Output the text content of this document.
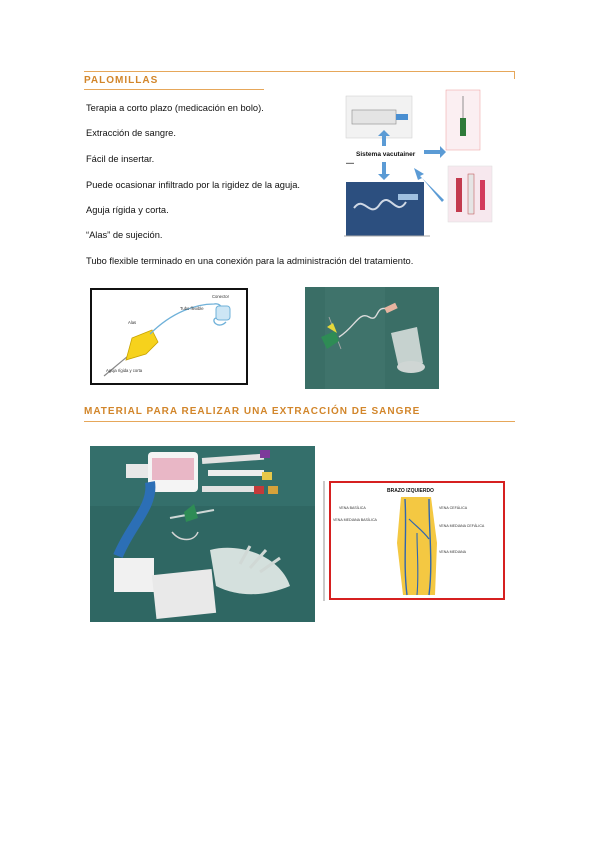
PALOMILLAS
Terapia a corto plazo (medicación en bolo).
Extracción de sangre.
Fácil de insertar.
Puede ocasionar infiltrado por la rigidez de la aguja.
Aguja rígida y corta.
“Alas” de sujeción.
Tubo flexible terminado en una conexión para la administración del tratamiento.
Sistema vacutainer
▬▬
Conector
Tubo flexible
Alas
Aguja rígida y corta
MATERIAL PARA REALIZAR UNA EXTRACCIÓN DE SANGRE
BRAZO IZQUIERDO
VENA BASÍLICA	VENA CEFÁLICA
VENA MEDIANA BASÍLICA
VENA MEDIANA CEFÁLICA
VENA MEDIANA
